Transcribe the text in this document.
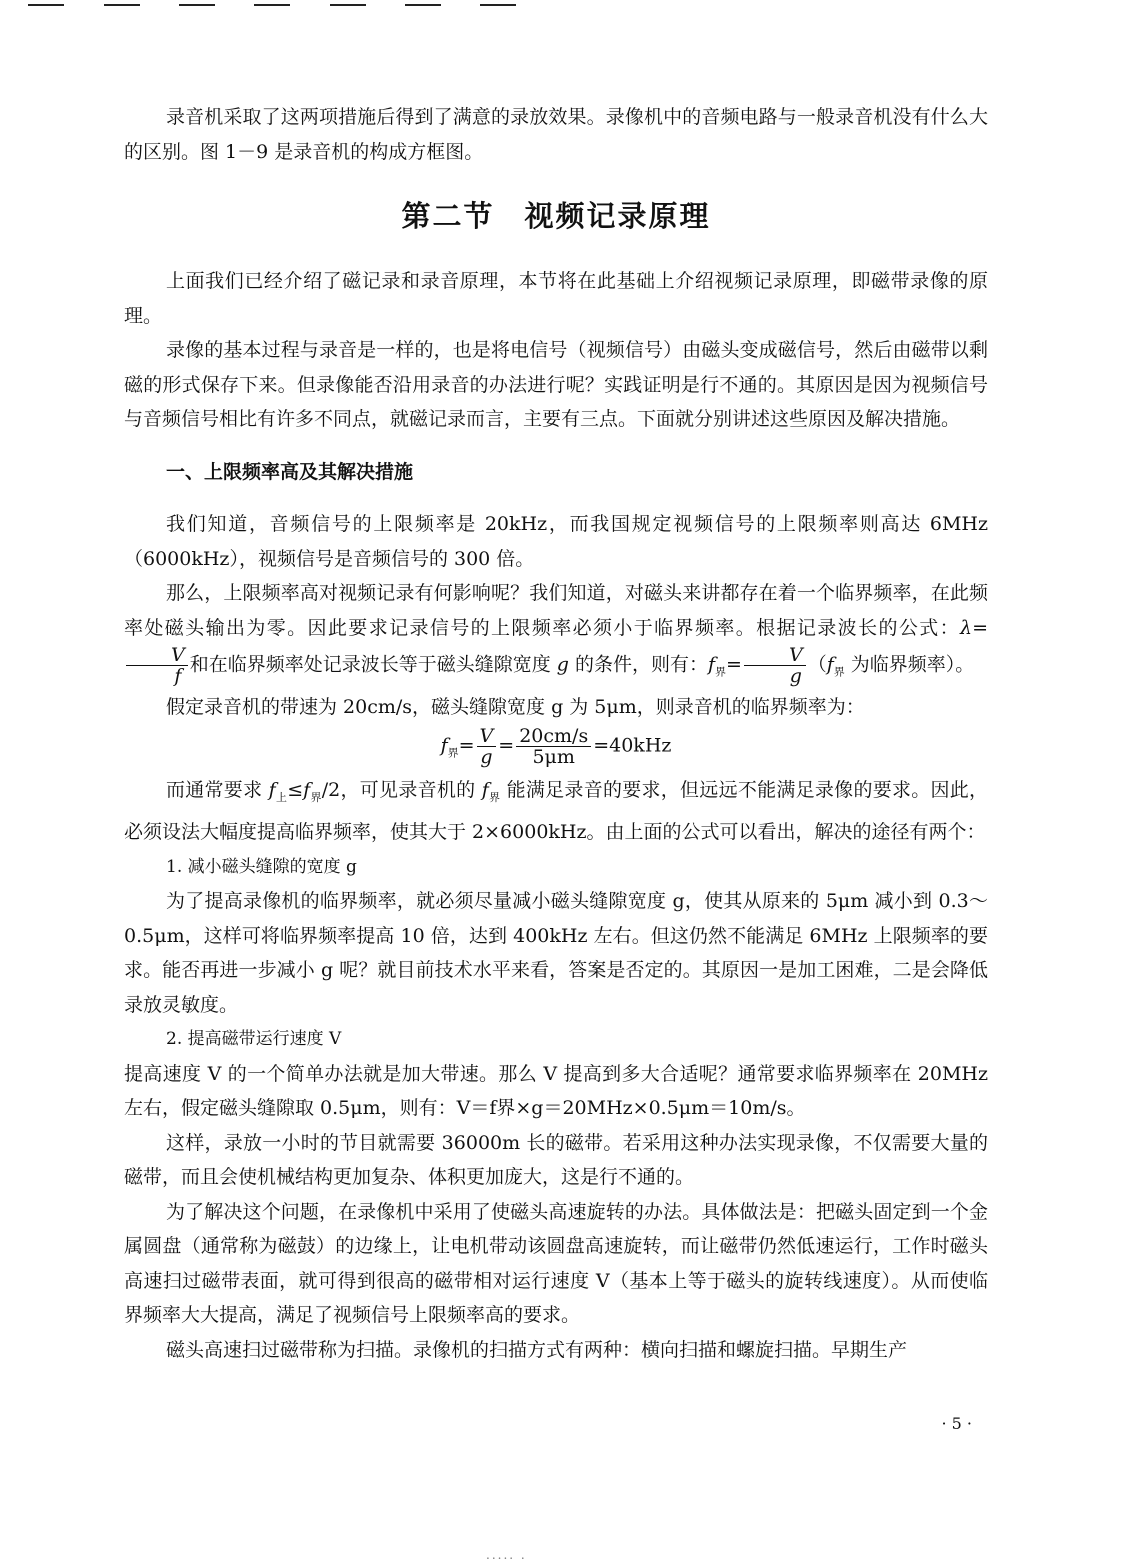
录音机采取了这两项措施后得到了满意的录放效果。录像机中的音频电路与一般录音机没有什么大的区别。图 1－9 是录音机的构成方框图。

第二节 视频记录原理

上面我们已经介绍了磁记录和录音原理，本节将在此基础上介绍视频记录原理，即磁带录像的原理。

录像的基本过程与录音是一样的，也是将电信号（视频信号）由磁头变成磁信号，然后由磁带以剩磁的形式保存下来。但录像能否沿用录音的办法进行呢？实践证明是行不通的。其原因是因为视频信号与音频信号相比有许多不同点，就磁记录而言，主要有三点。下面就分别讲述这些原因及解决措施。

一、上限频率高及其解决措施

我们知道，音频信号的上限频率是 20kHz，而我国规定视频信号的上限频率则高达 6MHz（6000kHz），视频信号是音频信号的 300 倍。

那么，上限频率高对视频记录有何影响呢？我们知道，对磁头来讲都存在着一个临界频率，在此频率处磁头输出为零。因此要求记录信号的上限频率必须小于临界频率。根据记录波长的公式：λ=
$\frac{V}{f}$ 和在临界频率处记录波长等于磁头缝隙宽度 g 的条件，则有：$f_界= \frac{V}{g} (f_界$ 为临界频率）。

假定录音机的带速为 20cm/s，磁头缝隙宽度 g 为 5μm，则录音机的临界频率为：

$f_界= \frac{V}{g} = \frac{20cm/s}{5\mu m} =40kHz$

而通常要求 $f_上\le f_界/2$，可见录音机的 $f_界$ 能满足录音的要求，但远远不能满足录像的要求。因此，必须设法大幅度提高临界频率，使其大于 2×6000kHz。由上面的公式可以看出，解决的途径有两个：

1. 减小磁头缝隙的宽度 g

为了提高录像机的临界频率，就必须尽量减小磁头缝隙宽度 g，使其从原来的 5μm 减小到 0.3～0.5μm，这样可将临界频率提高 10 倍，达到 400kHz 左右。但这仍然不能满足 6MHz 上限频率的要求。能否再进一步减小 g 呢？就目前技术水平来看，答案是否定的。其原因一是加工困难，二是会降低录放灵敏度。

2. 提高磁带运行速度 V

提高速度 V 的一个简单办法就是加大带速。那么 V 提高到多大合适呢？通常要求临界频率在 20MHz 左右，假定磁头缝隙取 0.5μm，则有：V＝f界×g＝20MHz×0.5μm＝10m/s。

这样，录放一小时的节目就需要 36000m 长的磁带。若采用这种办法实现录像，不仅需要大量的磁带，而且会使机械结构更加复杂、体积更加庞大，这是行不通的。

为了解决这个问题，在录像机中采用了使磁头高速旋转的办法。具体做法是：把磁头固定到一个金属圆盘（通常称为磁鼓）的边缘上，让电机带动该圆盘高速旋转，而让磁带仍然低速运行，工作时磁头高速扫过磁带表面，就可得到很高的磁带相对运行速度 V（基本上等于磁头的旋转线速度）。从而使临界频率大大提高，满足了视频信号上限频率高的要求。

磁头高速扫过磁带称为扫描。录像机的扫描方式有两种：横向扫描和螺旋扫描。早期生产

· 5 ·
..... .
